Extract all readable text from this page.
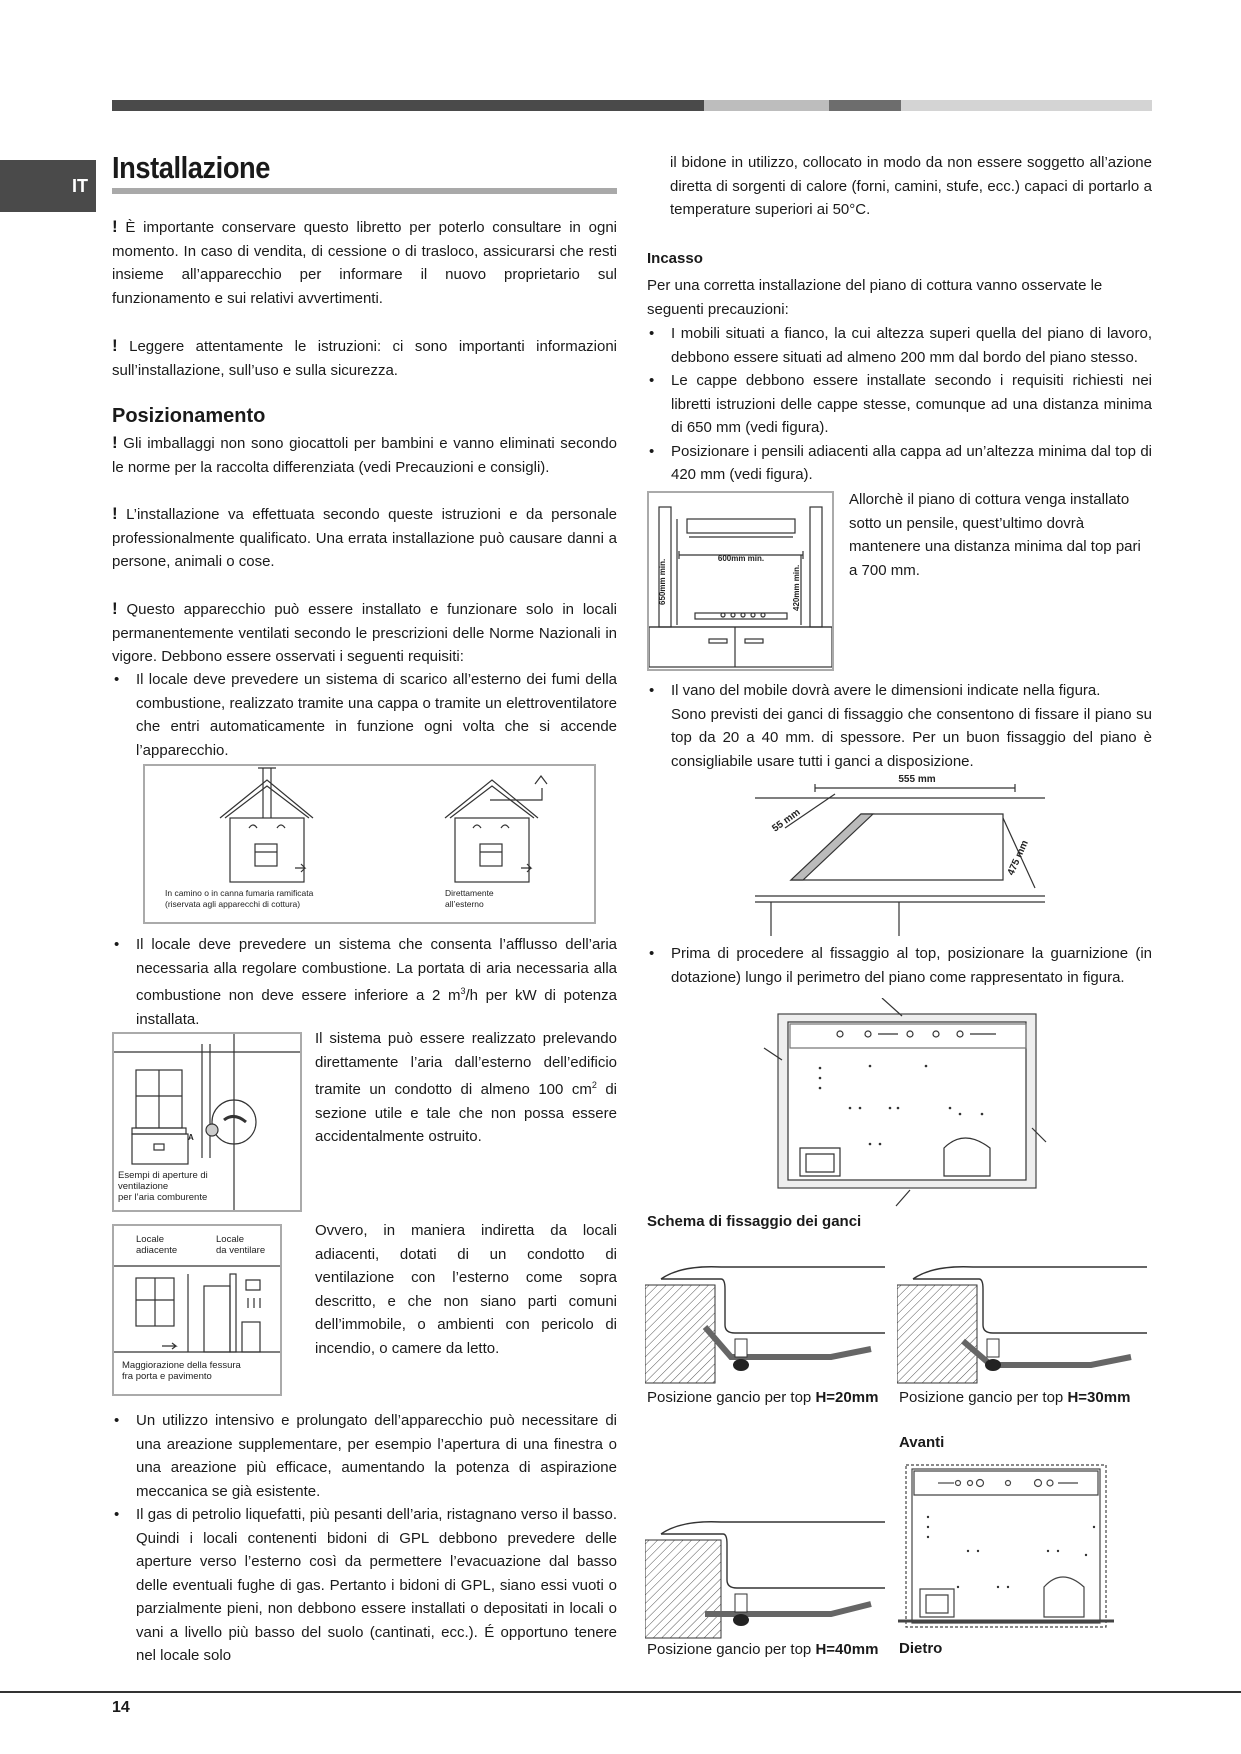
IT
Installazione

! È importante conservare questo libretto per poterlo consultare in ogni momento. In caso di vendita, di cessione o di trasloco, assicurarsi che resti insieme all’apparecchio per informare il nuovo proprietario sul funzionamento e sui relativi avvertimenti.

! Leggere attentamente le istruzioni: ci sono importanti informazioni sull’installazione, sull’uso e sulla sicurezza.

Posizionamento

! Gli imballaggi non sono giocattoli per bambini e vanno eliminati secondo le norme per la raccolta differenziata (vedi Precauzioni e consigli).

! L’installazione va effettuata secondo queste istruzioni e da personale professionalmente qualificato. Una errata installazione può causare danni a persone, animali o cose.

! Questo apparecchio può essere installato e funzionare solo in locali permanentemente ventilati secondo le prescrizioni delle Norme Nazionali in vigore. Debbono essere osservati i seguenti requisiti:

• Il locale deve prevedere un sistema di scarico all’esterno dei fumi della combustione, realizzato tramite una cappa o tramite un elettroventilatore che entri automaticamente in funzione ogni volta che si accende l’apparecchio.
In camino o in canna fumaria ramificata
(riservata agli apparecchi di cottura)
Direttamente
all’esterno
• Il locale deve prevedere un sistema che consenta l’afflusso dell’aria necessaria alla regolare combustione. La portata di aria necessaria alla combustione non deve essere inferiore a 2 $m^3/h$ per kW di potenza installata.
A
Esempi di aperture di
ventilazione
per l’aria comburente

Il sistema può essere realizzato prelevando direttamente l’aria dall’esterno dell’edificio tramite un condotto di almeno 100 $cm^2$ di sezione utile e tale che non possa essere accidentalmente ostruito.

Locale
adiacente
Locale
da ventilare
Maggiorazione della fessura
fra porta e pavimento

Ovvero, in maniera indiretta da locali adiacenti, dotati di un condotto di ventilazione con l’esterno come sopra descritto, e che non siano parti comuni dell’immobile, o ambienti con pericolo di incendio, o camere da letto.

• Un utilizzo intensivo e prolungato dell’apparecchio può necessitare di una areazione supplementare, per esempio l’apertura di una finestra o una areazione più efficace, aumentando la potenza di aspirazione meccanica se già esistente.
• Il gas di petrolio liquefatti, più pesanti dell’aria, ristagnano verso il basso. Quindi i locali contenenti bidoni di GPL debbono prevedere delle aperture verso l’esterno così da permettere l’evacuazione dal basso delle eventuali fughe di gas. Pertanto i bidoni di GPL, siano essi vuoti o parzialmente pieni, non debbono essere installati o depositati in locali o vani a livello più basso del suolo (cantinati, ecc.). É opportuno tenere nel locale solo

il bidone in utilizzo, collocato in modo da non essere soggetto all’azione diretta di sorgenti di calore (forni, camini, stufe, ecc.) capaci di portarlo a temperature superiori ai 50°C.

Incasso

Per una corretta installazione del piano di cottura vanno osservate le seguenti precauzioni:

• I mobili situati a fianco, la cui altezza superi quella del piano di lavoro, debbono essere situati ad almeno 200 mm dal bordo del piano stesso.
• Le cappe debbono essere installate secondo i requisiti richiesti nei libretti istruzioni delle cappe stesse, comunque ad una distanza minima di 650 mm (vedi figura).
• Posizionare i pensili adiacenti alla cappa ad un’altezza minima dal top di 420 mm (vedi figura).
600mm min.
650mm min.	420mm min.

Allorchè il piano di cottura venga installato sotto un pensile, quest’ultimo dovrà mantenere una distanza minima dal top pari a 700 mm.

• Il vano del mobile dovrà avere le dimensioni indicate nella figura.

Sono previsti dei ganci di fissaggio che consentono di fissare il piano su top da 20 a 40 mm. di spessore. Per un buon fissaggio del piano è consigliabile usare tutti i ganci a disposizione.
555 mm
55 mm
475 mm
• Prima di procedere al fissaggio al top, posizionare la guarnizione (in dotazione) lungo il perimetro del piano come rappresentato in figura.
Schema di fissaggio dei ganci
Posizione gancio per top H=20mm Posizione gancio per top H=30mm
Avanti
Posizione gancio per top H=40mm Dietro
14
